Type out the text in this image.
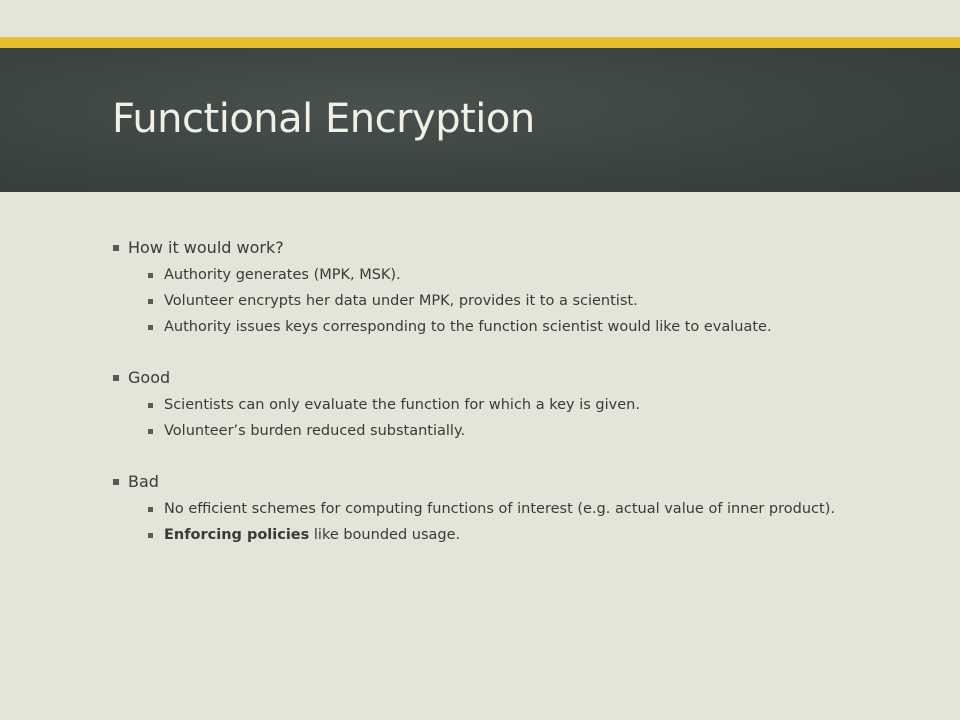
Functional Encryption
How it would work?
Authority generates (MPK, MSK).
Volunteer encrypts her data under MPK, provides it to a scientist.
Authority issues keys corresponding to the function scientist would like to evaluate.
Good
Scientists can only evaluate the function for which a key is given.
Volunteer’s burden reduced substantially.
Bad
No efficient schemes for computing functions of interest (e.g. actual value of inner product).
Enforcing policies like bounded usage.
